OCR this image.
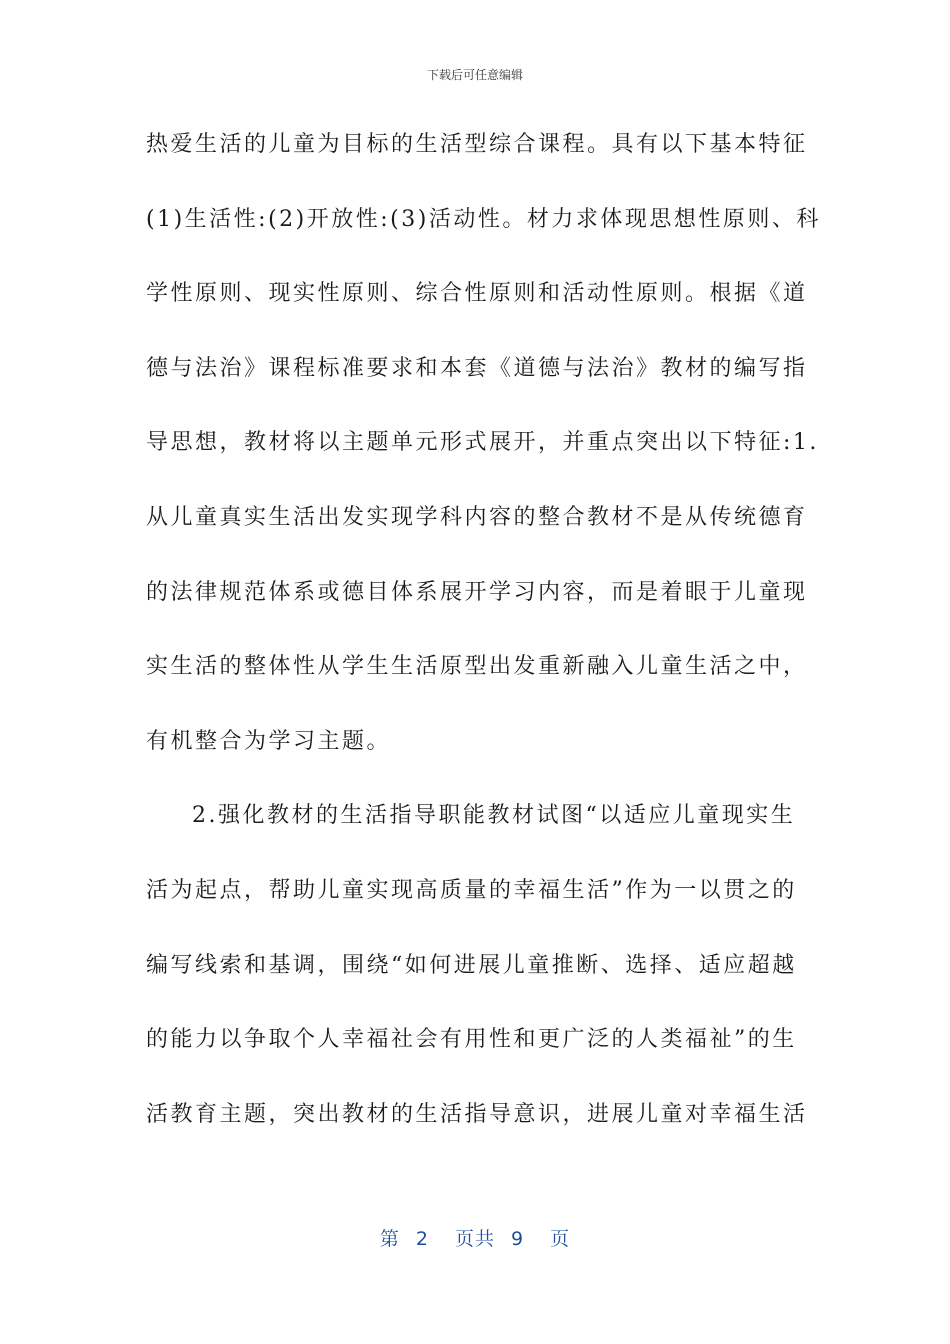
下载后可任意编辑
热爱生活的儿童为目标的生活型综合课程。具有以下基本特征
(1)生活性:(2)开放性:(3)活动性。材力求体现思想性原则、科
学性原则、现实性原则、综合性原则和活动性原则。根据《道
德与法治》课程标准要求和本套《道德与法治》教材的编写指
导思想，教材将以主题单元形式展开，并重点突出以下特征:1.
从儿童真实生活出发实现学科内容的整合教材不是从传统德育
的法律规范体系或德目体系展开学习内容，而是着眼于儿童现
实生活的整体性从学生生活原型出发重新融入儿童生活之中，
有机整合为学习主题。
2.强化教材的生活指导职能教材试图“以适应儿童现实生
活为起点，帮助儿童实现高质量的幸福生活”作为一以贯之的
编写线索和基调，围绕“如何进展儿童推断、选择、适应超越
的能力以争取个人幸福社会有用性和更广泛的人类福祉”的生
活教育主题，突出教材的生活指导意识，进展儿童对幸福生活
第 2 页共 9 页
